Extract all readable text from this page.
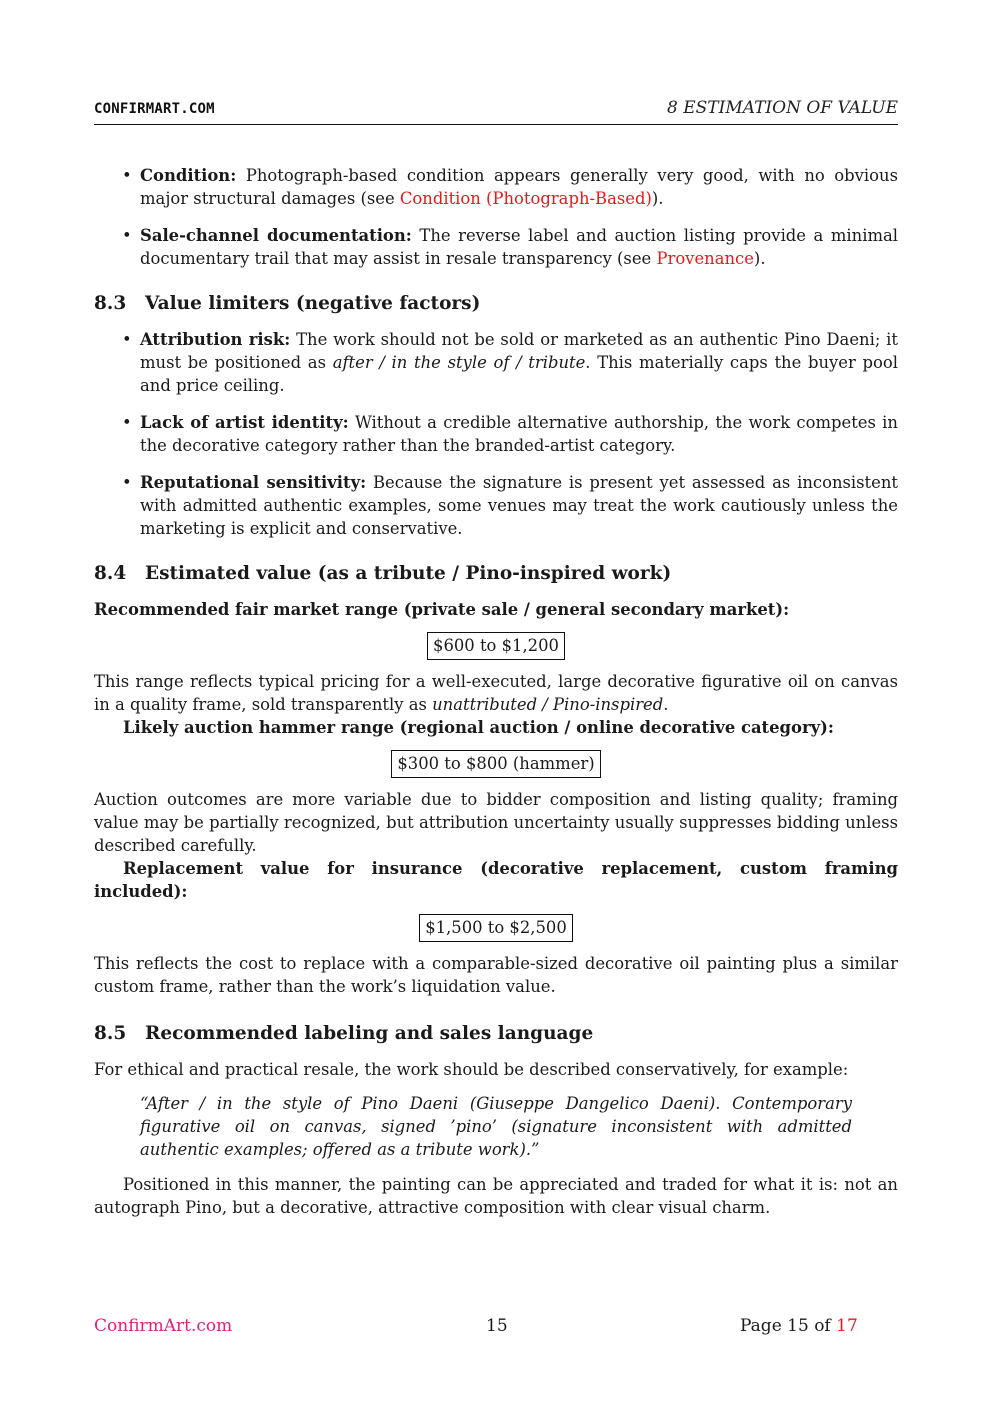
CONFIRMART.COM	8 ESTIMATION OF VALUE
• Condition: Photograph-based condition appears generally very good, with no obvious major structural damages (see Condition (Photograph-Based)).
• Sale-channel documentation: The reverse label and auction listing provide a minimal documentary trail that may assist in resale transparency (see Provenance).
8.3 Value limiters (negative factors)
• Attribution risk: The work should not be sold or marketed as an authentic Pino Daeni; it must be positioned as after / in the style of / tribute. This materially caps the buyer pool and price ceiling.
• Lack of artist identity: Without a credible alternative authorship, the work competes in the decorative category rather than the branded-artist category.
• Reputational sensitivity: Because the signature is present yet assessed as inconsistent with admitted authentic examples, some venues may treat the work cautiously unless the marketing is explicit and conservative.
8.4 Estimated value (as a tribute / Pino-inspired work)

Recommended fair market range (private sale / general secondary market):

$600 to $1,200

This range reflects typical pricing for a well-executed, large decorative figurative oil on canvas in a quality frame, sold transparently as unattributed / Pino-inspired.

Likely auction hammer range (regional auction / online decorative category):

$300 to $800 (hammer)

Auction outcomes are more variable due to bidder composition and listing quality; framing value may be partially recognized, but attribution uncertainty usually suppresses bidding unless described carefully.

Replacement value for insurance (decorative replacement, custom framing included):

$1,500 to $2,500

This reflects the cost to replace with a comparable-sized decorative oil painting plus a similar custom frame, rather than the work’s liquidation value.

8.5 Recommended labeling and sales language

For ethical and practical resale, the work should be described conservatively, for example:

“After / in the style of Pino Daeni (Giuseppe Dangelico Daeni). Contemporary figurative oil on canvas, signed ’pino’ (signature inconsistent with admitted authentic examples; offered as a tribute work).”

Positioned in this manner, the painting can be appreciated and traded for what it is: not an autograph Pino, but a decorative, attractive composition with clear visual charm.

ConfirmArt.com	15	Page 15 of 17
